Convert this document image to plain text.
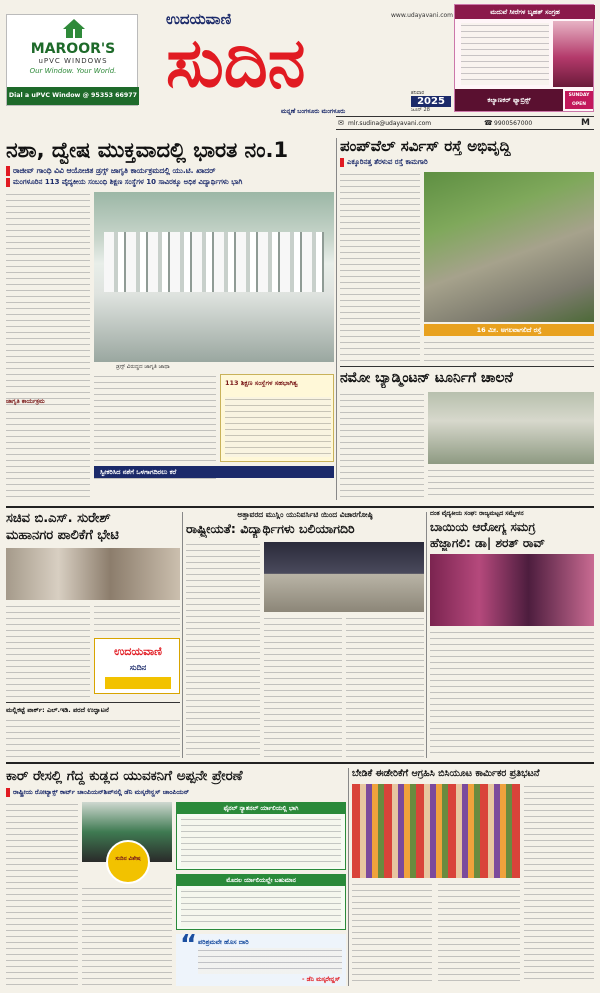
MAROOR'S
uPVC WINDOWS
Our Window. Your World.
Dial a uPVC Window @ 95353 66977
www.udayavani.com
ಉದಯವಾಣಿ
ಸುದಿನ
ಮನ್ನಣೆ ಬಂಗಳೂರು ಮಂಗಳೂರು
ಶನಿವಾರ
2025
ಜೂನ್ 28
ಮದುವೆ ಸೀರೆಗಳ ಬೃಹತ್ ಸಂಗ್ರಹ
ಕಲ್ಯಾಣಕರ್ ಫ್ಯಾಬ್ರಿಕ್ಸ್
SUNDAY OPEN
✉ mlr.sudina@udayavani.com	☎ 9900567000	M
ನಶಾ, ದ್ವೇಷ ಮುಕ್ತವಾದಲ್ಲಿ ಭಾರತ ನಂ.1
ರಾಜೀವ್ ಗಾಂಧಿ ವಿವಿ ಆಯೋಜಿತ ಡ್ರಗ್ಸ್ ಜಾಗೃತಿ ಕಾರ್ಯಕ್ರಮದಲ್ಲಿ ಯು.ಟಿ. ಖಾದರ್
ಮಂಗಳೂರಿನ 113 ವೈದ್ಯಕೀಯ ಸಂಬಂಧಿ ಶಿಕ್ಷಣ ಸಂಸ್ಥೆಗಳ 10 ಸಾವಿರಕ್ಕೂ ಅಧಿಕ ವಿದ್ಯಾರ್ಥಿಗಳು ಭಾಗಿ
ಡ್ರಗ್ಸ್ ವಿರುದ್ಧದ ಜಾಗೃತಿ ಜಾಥಾ
113 ಶಿಕ್ಷಣ ಸಂಸ್ಥೆಗಳ ಸಹಭಾಗಿತ್ವ
ಸ್ವೀಕರಿಸಿದ ನಶೆಗೆ ಒಳಗಾಗದಿರಲು ಕರೆ
ಜಾಗೃತಿ ಕಾರ್ಯಕ್ರಮ
ಪಂಪ್‌ವೆಲ್ ಸರ್ವಿಸ್ ರಸ್ತೆ ಅಭಿವೃದ್ಧಿ
ಎಕ್ಕೂರಿನತ್ತ ತೆರಳುವ ರಸ್ತೆ ಕಾಮಗಾರಿ
16 ಮೀ. ಅಗಲವಾಗಲಿದೆ ರಸ್ತೆ
ನಮೋ ಬ್ಯಾಡ್ಮಿಂಟನ್ ಟೂರ್ನಿಗೆ ಚಾಲನೆ
ಸಚಿವ ಬಿ.ಎಸ್. ಸುರೇಶ್
ಮಹಾನಗರ ಪಾಲಿಕೆಗೆ ಭೇಟಿ
ಉದಯವಾಣಿ
ಸುದಿನ
ಮಲ್ಲಿಕಟ್ಟೆ ಪಾರ್ಕ್: ಎಲ್.ಇಡಿ. ಪರದೆ ಉದ್ಘಾಟನೆ
ಅತ್ತಾವರದ ಮುಸ್ಲಿಂ ಯುನಿವರ್ಸಿಟಿ ಯಿಂದ ವಿಚಾರಗೋಷ್ಠಿ
ರಾಷ್ಟ್ರೀಯತೆ: ವಿದ್ಯಾರ್ಥಿಗಳು ಬಲಿಯಾಗದಿರಿ
ದಂತ ವೈದ್ಯಕೀಯ ಸಂಘ: ರಾಜ್ಯಮಟ್ಟದ ಸಮ್ಮೇಳನ
ಬಾಯಿಯ ಆರೋಗ್ಯ ಸಮಗ್ರ
ಹೆಜ್ಜಾಗಲಿ: ಡಾ| ಶರತ್ ರಾವ್
ಕಾರ್ ರೇಸಲ್ಲಿ ಗೆದ್ದ ಕುಡ್ಲದ ಯುವಕನಿಗೆ ಅಪ್ಪನೇ ಪ್ರೇರಣೆ
ರಾಷ್ಟ್ರೀಯ ರೋಟ್ಯಾಕ್ಸ್ ಕಾರ್ಟ್ ಚಾಂಪಿಯನ್‌ಶಿಪ್‌ನಲ್ಲಿ ಡೆನಿ ಮಸ್ಕರೇನ್ಹಸ್ ಚಾಂಪಿಯನ್
ಸುದಿನ ವಿಶೇಷ
ಫೈನಲ್ ನ್ಯಾಶನಲ್ ರ್ಯಾಲಿಯಲ್ಲಿ ಭಾಗಿ
ಮೊದಲ ರ್ಯಾಲಿಯಲ್ಲೇ ಬಹುಮಾನ
“ ಪರಿಶ್ರಮವೇ ಹೊಸ ದಾರಿ
- ಡೆನಿ ಮಸ್ಕರೇನ್ಹಸ್
ಬೇಡಿಕೆ ಈಡೇರಿಕೆಗೆ ಆಗ್ರಹಿಸಿ ಬಿಸಿಯೂಟ ಕಾರ್ಮಿಕರ ಪ್ರತಿಭಟನೆ
